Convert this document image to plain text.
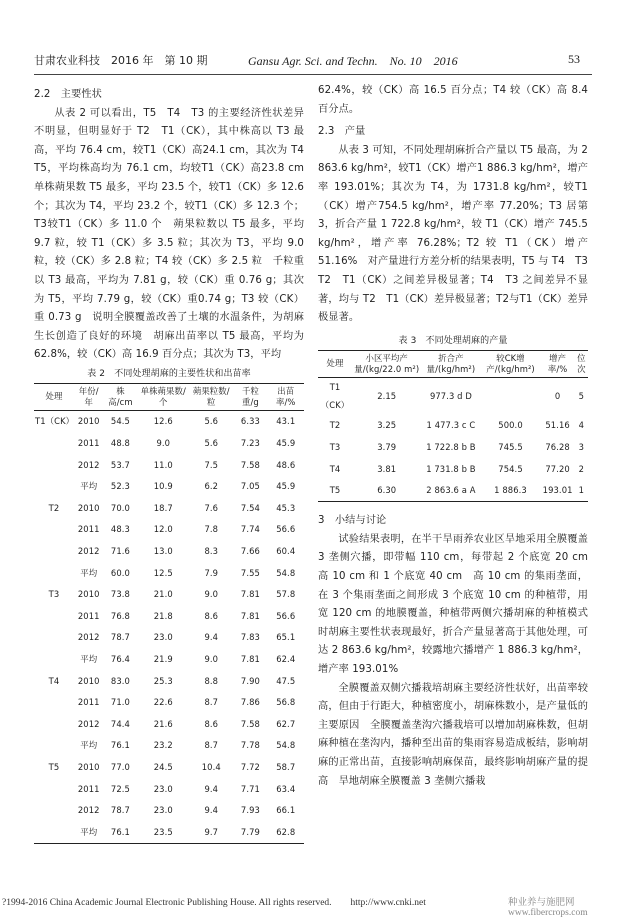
甘肃农业科技　2016 年　第 10 期	Gansu Agr. Sci. and Techn.　No. 10　2016	53

2.2　主要性状

从表 2 可以看出，T5　T4　T3 的主要经济性状差异不明显，但明显好于 T2　T1（CK），其中株高以 T3 最高，平均 76.4 cm，较T1（CK）高24.1 cm，其次为 T4　T5，平均株高均为 76.1 cm，均较T1（CK）高23.8 cm　单株蒴果数 T5 最多，平均 23.5 个，较T1（CK）多 12.6 个；其次为 T4，平均 23.2 个，较T1（CK）多 12.3 个；T3较T1（CK）多 11.0 个　蒴果粒数以 T5 最多，平均 9.7 粒，较 T1（CK）多 3.5 粒；其次为 T3，平均 9.0 粒，较（CK）多 2.8 粒；T4 较（CK）多 2.5 粒　千粒重以 T3 最高，平均为 7.81 g，较（CK）重 0.76 g；其次为 T5，平均 7.79 g，较（CK）重0.74 g；T3 较（CK）重 0.73 g　说明全膜覆盖改善了土壤的水温条件，为胡麻生长创造了良好的环境　胡麻出苗率以 T5 最高，平均为 62.8%，较（CK）高 16.9 百分点；其次为 T3，平均

表 2　不同处理胡麻的主要性状和出苗率
处理	年份/年	株高/cm	单株蒴果数/个	蒴果粒数/粒	千粒重/g	出苗率/%
T1（CK）	2010	54.5	12.6	5.6	6.33	43.1
	2011	48.8	9.0	5.6	7.23	45.9
	2012	53.7	11.0	7.5	7.58	48.6
	平均	52.3	10.9	6.2	7.05	45.9
T2	2010	70.0	18.7	7.6	7.54	45.3
	2011	48.3	12.0	7.8	7.74	56.6
	2012	71.6	13.0	8.3	7.66	60.4
	平均	60.0	12.5	7.9	7.55	54.8
T3	2010	73.8	21.0	9.0	7.81	57.8
	2011	76.8	21.8	8.6	7.81	56.6
	2012	78.7	23.0	9.4	7.83	65.1
	平均	76.4	21.9	9.0	7.81	62.4
T4	2010	83.0	25.3	8.8	7.90	47.5
	2011	71.0	22.6	8.7	7.86	56.8
	2012	74.4	21.6	8.6	7.58	62.7
	平均	76.1	23.2	8.7	7.78	54.8
T5	2010	77.0	24.5	10.4	7.72	58.7
	2011	72.5	23.0	9.4	7.71	63.4
	2012	78.7	23.0	9.4	7.93	66.1
	平均	76.1	23.5	9.7	7.79	62.8

62.4%，较（CK）高 16.5 百分点；T4 较（CK）高 8.4 百分点。

2.3　产量

从表 3 可知，不同处理胡麻折合产量以 T5 最高，为 2 863.6 kg/hm²，较T1（CK）增产1 886.3 kg/hm²，增产率 193.01%；其次为 T4，为 1731.8 kg/hm²，较T1（CK）增产754.5 kg/hm²，增产率 77.20%；T3 居第 3，折合产量 1 722.8 kg/hm²，较 T1（CK）增产 745.5 kg/hm²，增产率 76.28%；T2 较 T1（CK）增产 51.16%　对产量进行方差分析的结果表明，T5 与 T4　T3　T2　T1（CK）之间差异极显著；T4　T3 之间差异不显著，均与 T2　T1（CK）差异极显著；T2与T1（CK）差异极显著。

表 3　不同处理胡麻的产量
处理	小区平均产量/(kg/22.0 m²)	折合产量/(kg/hm²)	较CK增产/(kg/hm²)	增产率/%	位次
T1（CK）	2.15	977.3 d D		0	5
T2	3.25	1 477.3 c C	500.0	51.16	4
T3	3.79	1 722.8 b B	745.5	76.28	3
T4	3.81	1 731.8 b B	754.5	77.20	2
T5	6.30	2 863.6 a A	1 886.3	193.01	1

3　小结与讨论

试验结果表明，在半干旱雨养农业区旱地采用全膜覆盖 3 垄侧穴播，即带幅 110 cm，每带起 2 个底宽 20 cm　高 10 cm 和 1 个底宽 40 cm　高 10 cm 的集雨垄面，在 3 个集雨垄面之间形成 3 个底宽 10 cm 的种植带，用宽 120 cm 的地膜覆盖，种植带两侧穴播胡麻的种植模式时胡麻主要性状表现最好，折合产量显著高于其他处理，可达 2 863.6 kg/hm²，较露地穴播增产 1 886.3 kg/hm²，增产率 193.01%

全膜覆盖双侧穴播栽培胡麻主要经济性状好，出苗率较高，但由于行距大，种植密度小，胡麻株数小，是产量低的主要原因　全膜覆盖垄沟穴播栽培可以增加胡麻株数，但胡麻种植在垄沟内，播种至出苗的集雨容易造成板结，影响胡麻的正常出苗，直接影响胡麻保苗，最终影响胡麻产量的提高　旱地胡麻全膜覆盖 3 垄侧穴播栽

?1994-2016 China Academic Journal Electronic Publishing House. All rights reserved.　　http://www.cnki.net	种业养与施肥网 www.fibercrops.com
